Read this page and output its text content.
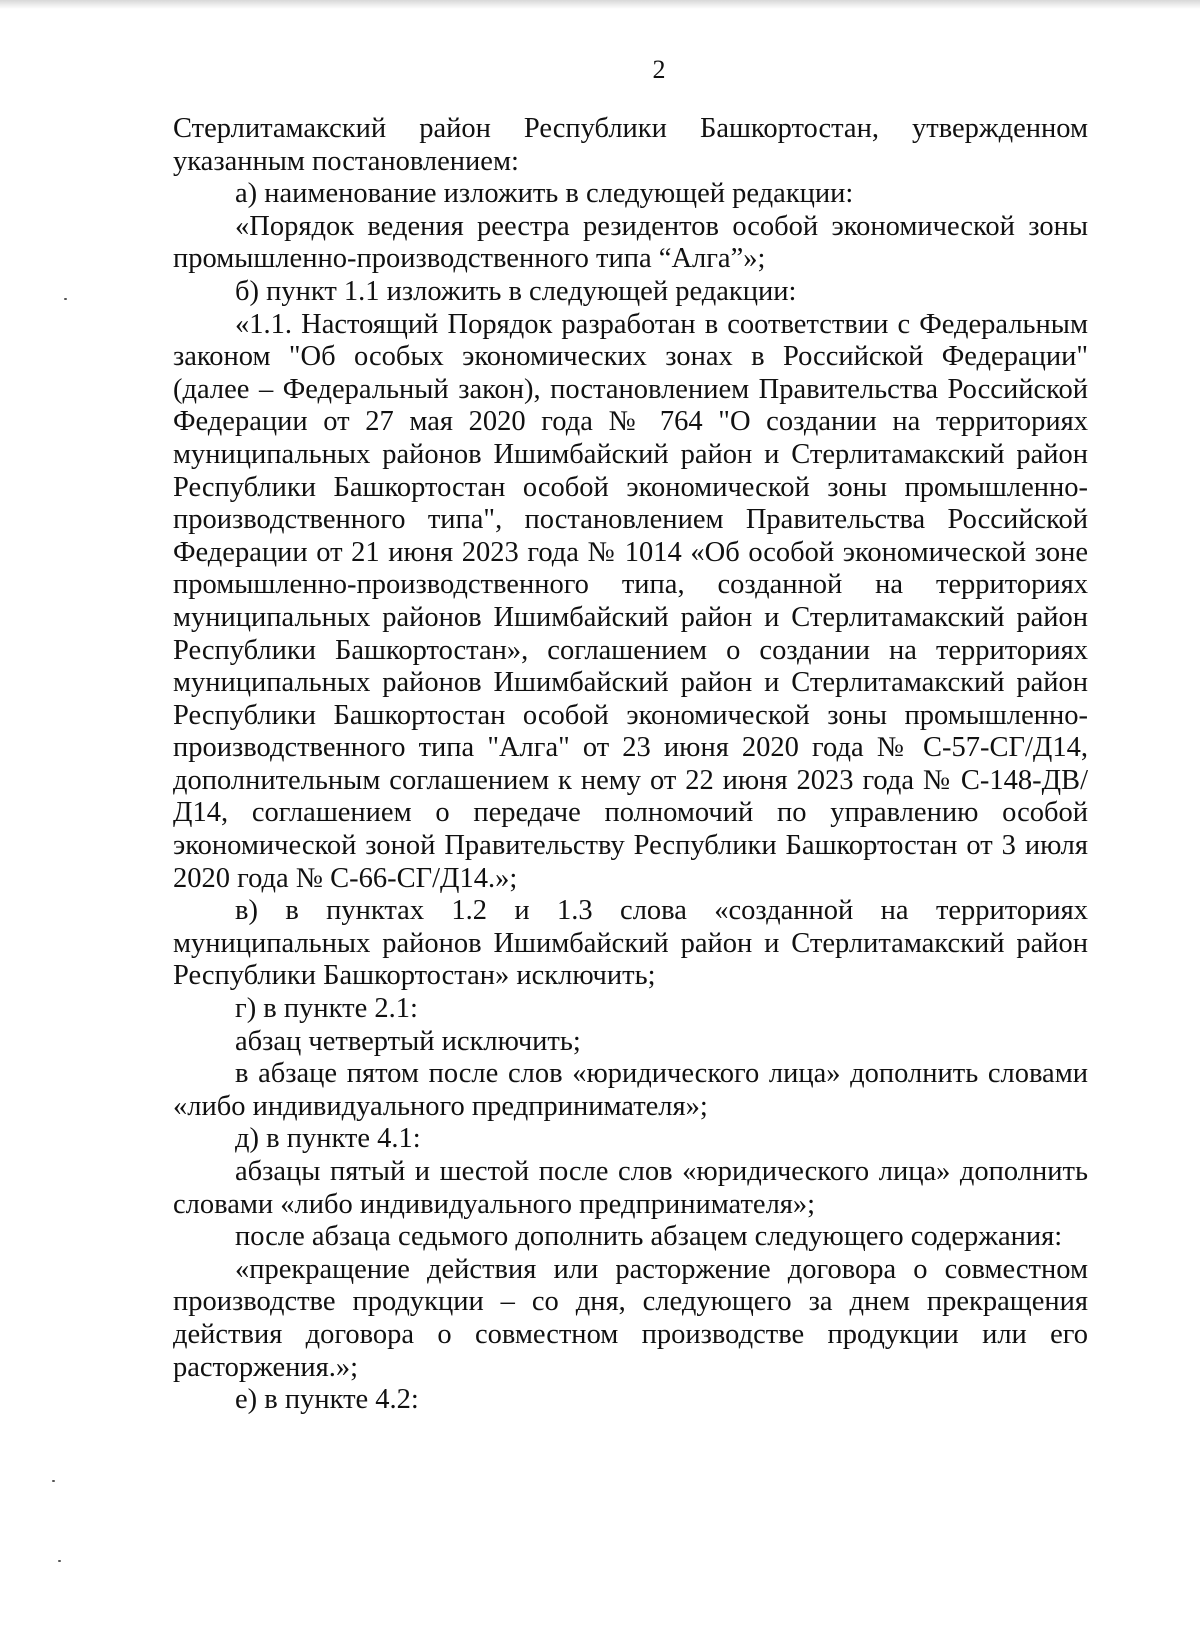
2

Стерлитамакский район Республики Башкортостан, утвержденном указанным постановлением:

а) наименование изложить в следующей редакции:

«Порядок ведения реестра резидентов особой экономической зоны промышленно-производственного типа “Алга”»;

б) пункт 1.1 изложить в следующей редакции:

«1.1. Настоящий Порядок разработан в соответствии с Федеральным законом "Об особых экономических зонах в Российской Федерации" (далее – Федеральный закон), постановлением Правительства Российской Федерации от 27 мая 2020 года № 764 "О создании на территориях муниципальных районов Ишимбайский район и Стерлитамакский район Республики Башкортостан особой экономической зоны промышленно-производственного типа", постановлением Правительства Российской Федерации от 21 июня 2023 года № 1014 «Об особой экономической зоне промышленно-производственного типа, созданной на территориях муниципальных районов Ишимбайский район и Стерлитамакский район Республики Башкортостан», соглашением о создании на территориях муниципальных районов Ишимбайский район и Стерлитамакский район Республики Башкортостан особой экономической зоны промышленно-производственного типа "Алга" от 23 июня 2020 года № С-57-СГ/Д14, дополнительным соглашением к нему от 22 июня 2023 года № С-148-ДВ/Д14, соглашением о передаче полномочий по управлению особой экономической зоной Правительству Республики Башкортостан от 3 июля 2020 года № С-66-СГ/Д14.»;

в) в пунктах 1.2 и 1.3 слова «созданной на территориях муниципальных районов Ишимбайский район и Стерлитамакский район Республики Башкортостан» исключить;

г) в пункте 2.1:

абзац четвертый исключить;

в абзаце пятом после слов «юридического лица» дополнить словами «либо индивидуального предпринимателя»;

д) в пункте 4.1:

абзацы пятый и шестой после слов «юридического лица» дополнить словами «либо индивидуального предпринимателя»;

после абзаца седьмого дополнить абзацем следующего содержания:

«прекращение действия или расторжение договора о совместном производстве продукции – со дня, следующего за днем прекращения действия договора о совместном производстве продукции или его расторжения.»;

е) в пункте 4.2:
